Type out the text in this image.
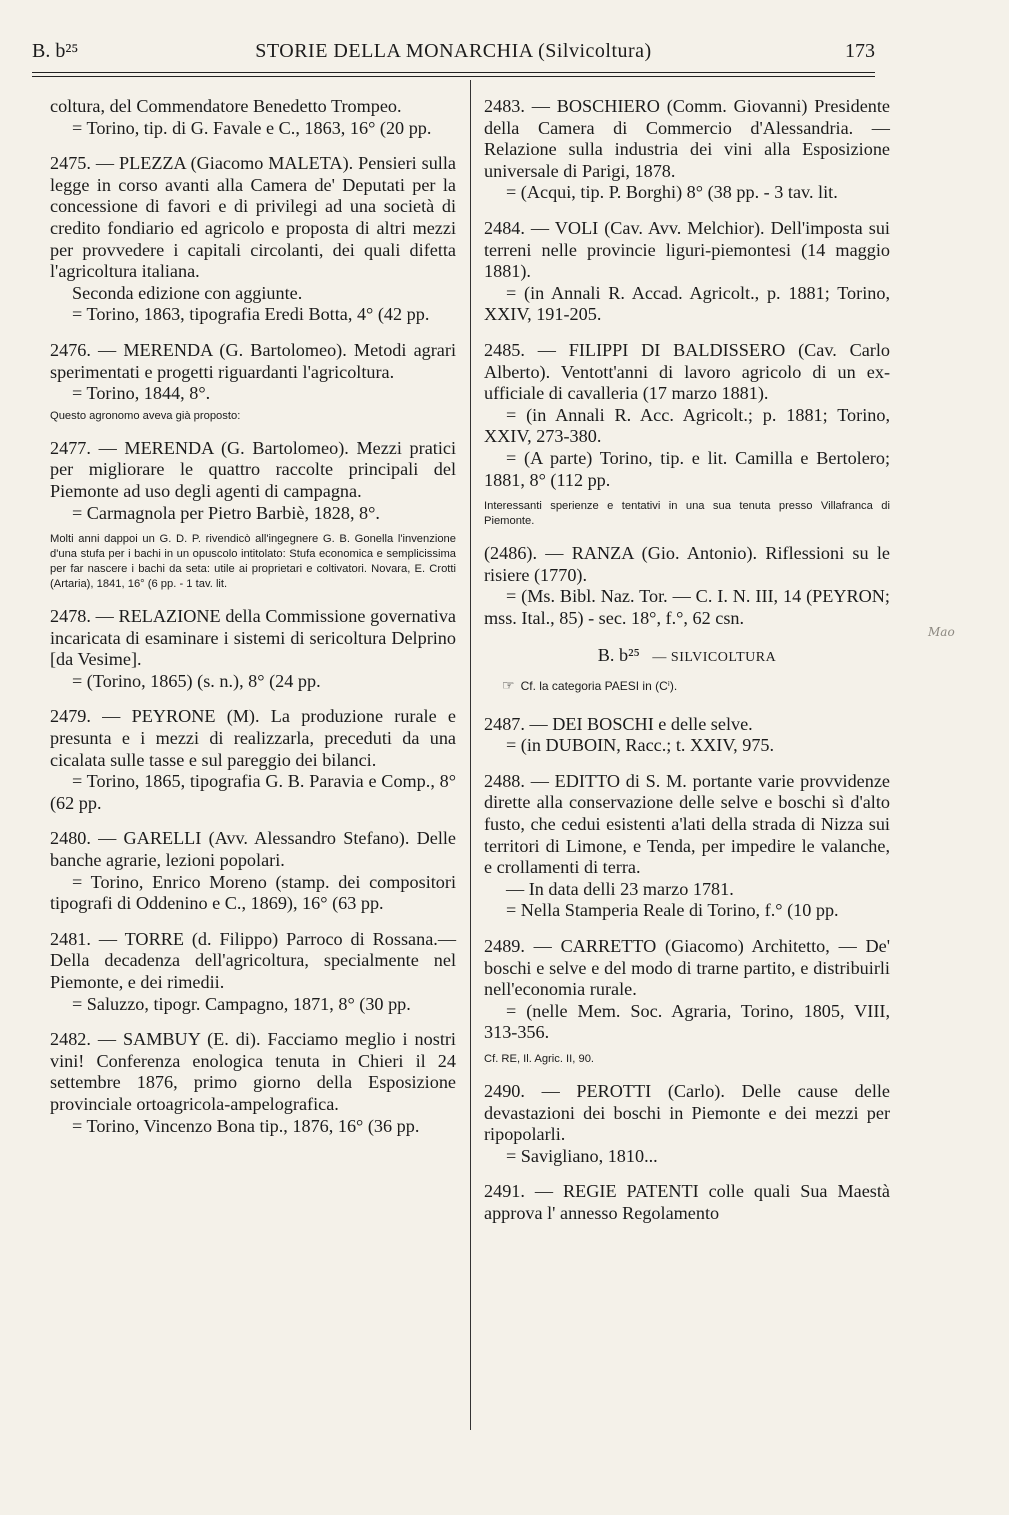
B. b²⁵	STORIE DELLA MONARCHIA (Silvicoltura)	173

coltura, del Commendatore Benedetto Trompeo.

= Torino, tip. di G. Favale e C., 1863, 16° (20 pp.

2475. — PLEZZA (Giacomo MALETA). Pensieri sulla legge in corso avanti alla Camera de' Deputati per la concessione di favori e di privilegi ad una società di credito fondiario ed agricolo e proposta di altri mezzi per provvedere i capitali circolanti, dei quali difetta l'agricoltura italiana.

Seconda edizione con aggiunte.

= Torino, 1863, tipografia Eredi Botta, 4° (42 pp.

2476. — MERENDA (G. Bartolomeo). Metodi agrari sperimentati e progetti riguardanti l'agricoltura.

= Torino, 1844, 8°.

Questo agronomo aveva già proposto:

2477. — MERENDA (G. Bartolomeo). Mezzi pratici per migliorare le quattro raccolte principali del Piemonte ad uso degli agenti di campagna.

= Carmagnola per Pietro Barbiè, 1828, 8°.

Molti anni dappoi un G. D. P. rivendicò all'ingegnere G. B. Gonella l'invenzione d'una stufa per i bachi in un opuscolo intitolato: Stufa economica e semplicissima per far nascere i bachi da seta: utile ai proprietari e coltivatori. Novara, E. Crotti (Artaria), 1841, 16° (6 pp. - 1 tav. lit.

2478. — RELAZIONE della Commissione governativa incaricata di esaminare i sistemi di sericoltura Delprino [da Vesime].

= (Torino, 1865) (s. n.), 8° (24 pp.

2479. — PEYRONE (M). La produzione rurale e presunta e i mezzi di realizzarla, preceduti da una cicalata sulle tasse e sul pareggio dei bilanci.

= Torino, 1865, tipografia G. B. Paravia e Comp., 8° (62 pp.

2480. — GARELLI (Avv. Alessandro Stefano). Delle banche agrarie, lezioni popolari.

= Torino, Enrico Moreno (stamp. dei compositori tipografi di Oddenino e C., 1869), 16° (63 pp.

2481. — TORRE (d. Filippo) Parroco di Rossana.—Della decadenza dell'agricoltura, specialmente nel Piemonte, e dei rimedii.

= Saluzzo, tipogr. Campagno, 1871, 8° (30 pp.

2482. — SAMBUY (E. di). Facciamo meglio i nostri vini! Conferenza enologica tenuta in Chieri il 24 settembre 1876, primo giorno della Esposizione provinciale ortoagricola-ampelografica.

= Torino, Vincenzo Bona tip., 1876, 16° (36 pp.

2483. — BOSCHIERO (Comm. Giovanni) Presidente della Camera di Commercio d'Alessandria. — Relazione sulla industria dei vini alla Esposizione universale di Parigi, 1878.

= (Acqui, tip. P. Borghi) 8° (38 pp. - 3 tav. lit.

2484. — VOLI (Cav. Avv. Melchior). Dell'imposta sui terreni nelle provincie liguri-piemontesi (14 maggio 1881).

= (in Annali R. Accad. Agricolt., p. 1881; Torino, XXIV, 191-205.

2485. — FILIPPI DI BALDISSERO (Cav. Carlo Alberto). Ventott'anni di lavoro agricolo di un ex-ufficiale di cavalleria (17 marzo 1881).

= (in Annali R. Acc. Agricolt.; p. 1881; Torino, XXIV, 273-380.

= (A parte) Torino, tip. e lit. Camilla e Bertolero; 1881, 8° (112 pp.

Interessanti sperienze e tentativi in una sua tenuta presso Villafranca di Piemonte.

(2486). — RANZA (Gio. Antonio). Riflessioni su le risiere (1770).

= (Ms. Bibl. Naz. Tor. — C. I. N. III, 14 (PEYRON; mss. Ital., 85) - sec. 18°, f.°, 62 csn.

B. b²⁵ — SILVICOLTURA
☞ Cf. la categoria PAESI in (Cⁱ).

2487. — DEI BOSCHI e delle selve.

= (in DUBOIN, Racc.; t. XXIV, 975.

2488. — EDITTO di S. M. portante varie provvidenze dirette alla conservazione delle selve e boschi sì d'alto fusto, che cedui esistenti a'lati della strada di Nizza sui territori di Limone, e Tenda, per impedire le valanche, e crollamenti di terra.

— In data delli 23 marzo 1781.

= Nella Stamperia Reale di Torino, f.° (10 pp.

2489. — CARRETTO (Giacomo) Architetto, — De' boschi e selve e del modo di trarne partito, e distribuirli nell'economia rurale.

= (nelle Mem. Soc. Agraria, Torino, 1805, VIII, 313-356.

Cf. RE, Il. Agric. II, 90.

2490. — PEROTTI (Carlo). Delle cause delle devastazioni dei boschi in Piemonte e dei mezzi per ripopolarli.

= Savigliano, 1810...

2491. — REGIE PATENTI colle quali Sua Maestà approva l' annesso Regolamento

Mao
